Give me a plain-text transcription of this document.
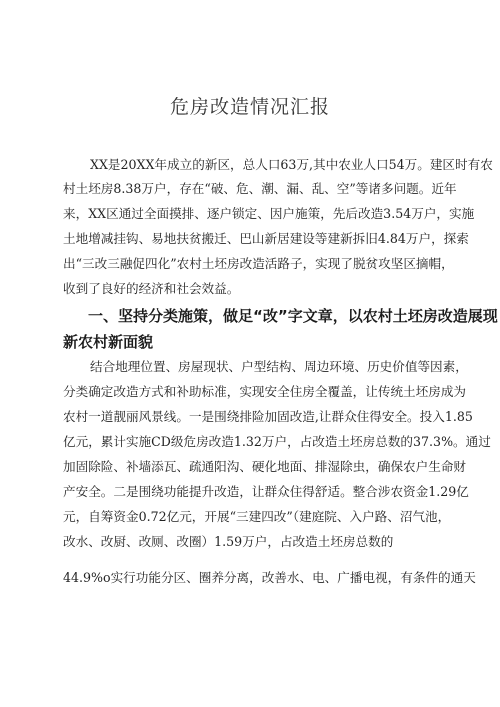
危房改造情况汇报
XX是20XX年成立的新区，总人口63万,其中农业人口54万。建区时有农
村土坯房8.38万户，存在“破、危、潮、漏、乱、空”等诸多问题。近年
来，XX区通过全面摸排、逐户锁定、因户施策，先后改造3.54万户，实施
土地增减挂钩、易地扶贫搬迁、巴山新居建设等建新拆旧4.84万户，探索
出“三改三融促四化”农村土坯房改造活路子，实现了脱贫攻坚区摘帽，
收到了良好的经济和社会效益。
一、坚持分类施策，做足“改”字文章，以农村土坯房改造展现
新农村新面貌
结合地理位置、房屋现状、户型结构、周边环境、历史价值等因素，
分类确定改造方式和补助标准，实现安全住房全覆盖，让传统土坯房成为
农村一道靓丽风景线。一是围绕排险加固改造,让群众住得安全。投入1.85
亿元，累计实施CD级危房改造1.32万户，占改造土坯房总数的37.3%。通过
加固除险、补墙添瓦、疏通阳沟、硬化地面、排湿除虫，确保农户生命财
产安全。二是围绕功能提升改造，让群众住得舒适。整合涉农资金1.29亿
元，自筹资金0.72亿元，开展“三建四改”（建庭院、入户路、沼气池，
改水、改厨、改厕、改圈）1.59万户，占改造土坯房总数的
44.9%o实行功能分区、圈养分离，改善水、电、广播电视，有条件的通天
